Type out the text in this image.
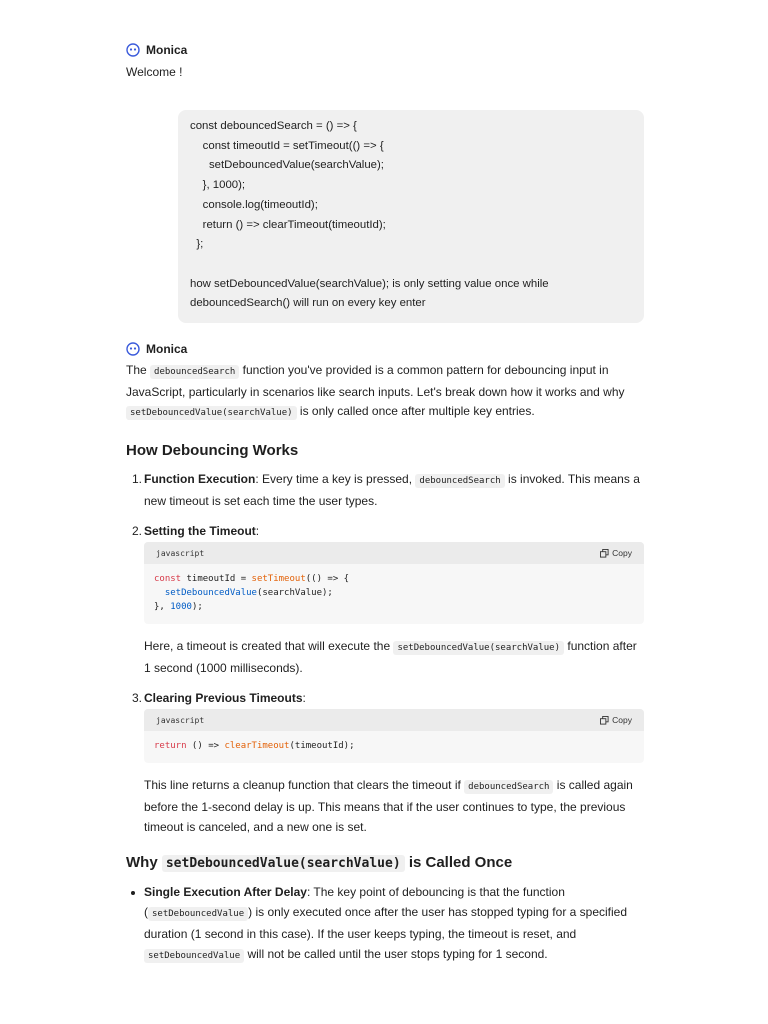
Monica

Welcome !

const debouncedSearch = () => {
const timeoutId = setTimeout(() => {
setDebouncedValue(searchValue);
}, 1000);
console.log(timeoutId);
return () => clearTimeout(timeoutId);
};
how setDebouncedValue(searchValue); is only setting value once while
debouncedSearch() will run on every key enter
Monica

The debouncedSearch function you've provided is a common pattern for debouncing input in JavaScript, particularly in scenarios like search inputs. Let's break down how it works and why setDebouncedValue(searchValue) is only called once after multiple key entries.

How Debouncing Works
1. Function Execution: Every time a key is pressed, debouncedSearch is invoked. This means a new timeout is set each time the user types.

2. Setting the Timeout:

javascript	Copy
const timeoutId = setTimeout(() => {
setDebouncedValue(searchValue);
}, 1000);

Here, a timeout is created that will execute the setDebouncedValue(searchValue) function after 1 second (1000 milliseconds).

3. Clearing Previous Timeouts:

javascript	Copy
return () => clearTimeout(timeoutId);

This line returns a cleanup function that clears the timeout if debouncedSearch is called again before the 1-second delay is up. This means that if the user continues to type, the previous timeout is canceled, and a new one is set.

Why setDebouncedValue(searchValue) is Called Once

Single Execution After Delay: The key point of debouncing is that the function ( setDebouncedValue ) is only executed once after the user has stopped typing for a specified duration (1 second in this case). If the user keeps typing, the timeout is reset, and setDebouncedValue will not be called until the user stops typing for 1 second.
